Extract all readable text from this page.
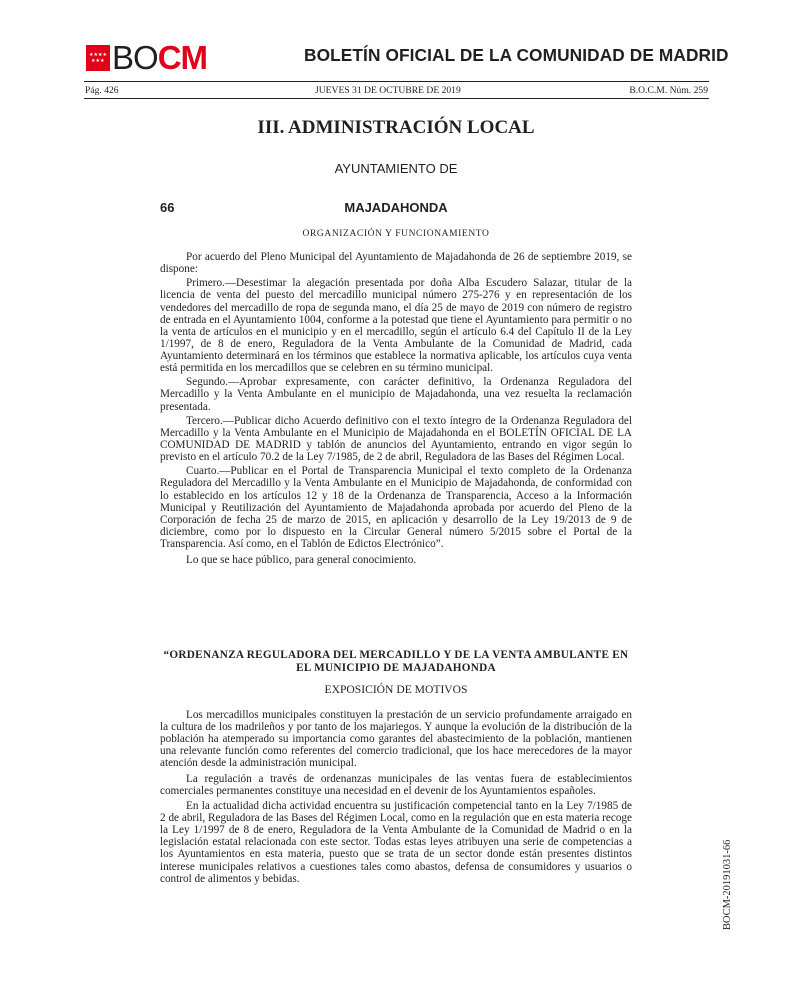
★★★★
★★★ BOCM	BOLETÍN OFICIAL DE LA COMUNIDAD DE MADRID
Pág. 426	JUEVES 31 DE OCTUBRE DE 2019	B.O.C.M. Núm. 259
III. ADMINISTRACIÓN LOCAL
AYUNTAMIENTO DE
66	MAJADAHONDA
ORGANIZACIÓN Y FUNCIONAMIENTO

Por acuerdo del Pleno Municipal del Ayuntamiento de Majadahonda de 26 de septiembre 2019, se dispone:

Primero.—Desestimar la alegación presentada por doña Alba Escudero Salazar, titular de la licencia de venta del puesto del mercadillo municipal número 275-276 y en representación de los vendedores del mercadillo de ropa de segunda mano, el día 25 de mayo de 2019 con número de registro de entrada en el Ayuntamiento 1004, conforme a la potestad que tiene el Ayuntamiento para permitir o no la venta de artículos en el municipio y en el mercadillo, según el artículo 6.4 del Capítulo II de la Ley 1/1997, de 8 de enero, Reguladora de la Venta Ambulante de la Comunidad de Madrid, cada Ayuntamiento determinará en los términos que establece la normativa aplicable, los artículos cuya venta está permitida en los mercadillos que se celebren en su término municipal.

Segundo.—Aprobar expresamente, con carácter definitivo, la Ordenanza Reguladora del Mercadillo y la Venta Ambulante en el municipio de Majadahonda, una vez resuelta la reclamación presentada.

Tercero.—Publicar dicho Acuerdo definitivo con el texto íntegro de la Ordenanza Reguladora del Mercadillo y la Venta Ambulante en el Municipio de Majadahonda en el BOLETÍN OFICIAL DE LA COMUNIDAD DE MADRID y tablón de anuncios del Ayuntamiento, entrando en vigor según lo previsto en el artículo 70.2 de la Ley 7/1985, de 2 de abril, Reguladora de las Bases del Régimen Local.

Cuarto.—Publicar en el Portal de Transparencia Municipal el texto completo de la Ordenanza Reguladora del Mercadillo y la Venta Ambulante en el Municipio de Majadahonda, de conformidad con lo establecido en los artículos 12 y 18 de la Ordenanza de Transparencia, Acceso a la Información Municipal y Reutilización del Ayuntamiento de Majadahonda aprobada por acuerdo del Pleno de la Corporación de fecha 25 de marzo de 2015, en aplicación y desarrollo de la Ley 19/2013 de 9 de diciembre, como por lo dispuesto en la Circular General número 5/2015 sobre el Portal de la Transparencia. Así como, en el Tablón de Edictos Electrónico”.

Lo que se hace público, para general conocimiento.

“ORDENANZA REGULADORA DEL MERCADILLO Y DE LA VENTA AMBULANTE EN EL MUNICIPIO DE MAJADAHONDA
EXPOSICIÓN DE MOTIVOS

Los mercadillos municipales constituyen la prestación de un servicio profundamente arraigado en la cultura de los madrileños y por tanto de los majariegos. Y aunque la evolución de la distribución de la población ha atemperado su importancia como garantes del abastecimiento de la población, mantienen una relevante función como referentes del comercio tradicional, que los hace merecedores de la mayor atención desde la administración municipal.

La regulación a través de ordenanzas municipales de las ventas fuera de establecimientos comerciales permanentes constituye una necesidad en el devenir de los Ayuntamientos españoles.

En la actualidad dicha actividad encuentra su justificación competencial tanto en la Ley 7/1985 de 2 de abril, Reguladora de las Bases del Régimen Local, como en la regulación que en esta materia recoge la Ley 1/1997 de 8 de enero, Reguladora de la Venta Ambulante de la Comunidad de Madrid o en la legislación estatal relacionada con este sector. Todas estas leyes atribuyen una serie de competencias a los Ayuntamientos en esta materia, puesto que se trata de un sector donde están presentes distintos interese municipales relativos a cuestiones tales como abastos, defensa de consumidores y usuarios o control de alimentos y bebidas.	BOCM-20191031-66
